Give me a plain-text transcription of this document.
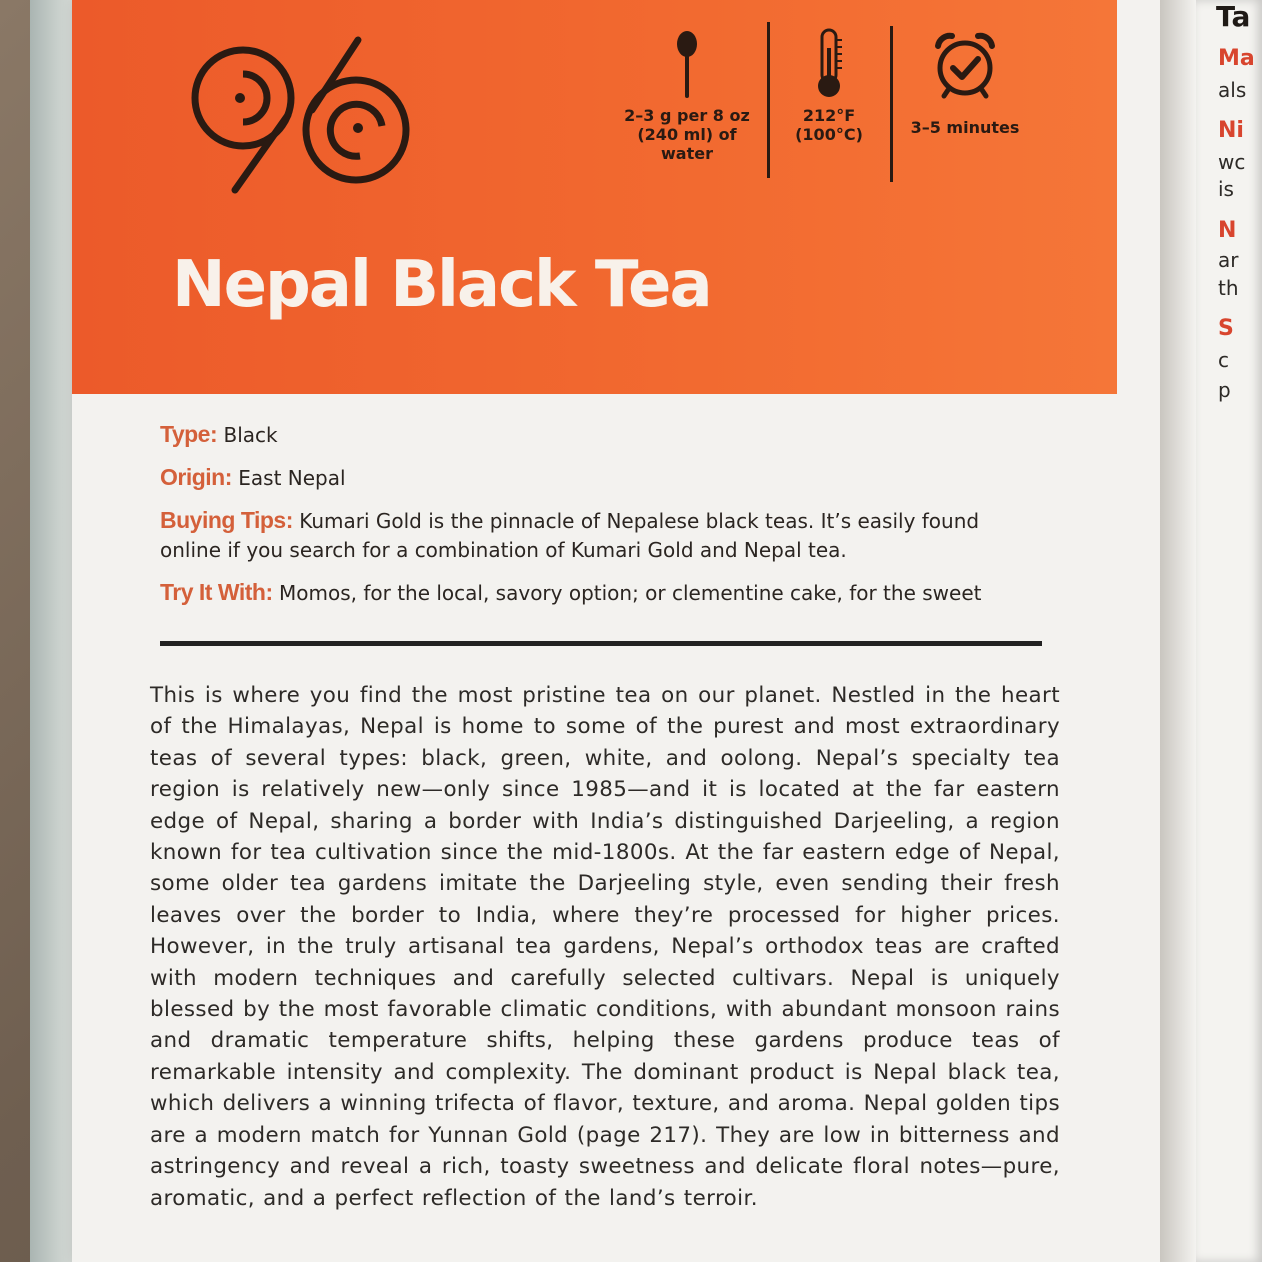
2–3 g per 8 oz (240 ml) of water
212°F (100°C)	3–5 minutes
Nepal Black Tea
Type: Black
Origin: East Nepal
Buying Tips: Kumari Gold is the pinnacle of Nepalese black teas. It’s easily found online if you search for a combination of Kumari Gold and Nepal tea.
Try It With: Momos, for the local, savory option; or clementine cake, for the sweet

This is where you find the most pristine tea on our planet. Nestled in the heart of the Himalayas, Nepal is home to some of the purest and most extraordinary teas of several types: black, green, white, and oolong. Nepal’s specialty tea region is relatively new—only since 1985—and it is located at the far eastern edge of Nepal, sharing a border with India’s distinguished Darjeeling, a region known for tea cultivation since the mid-1800s. At the far eastern edge of Nepal, some older tea gardens imitate the Darjeeling style, even sending their fresh leaves over the border to India, where they’re processed for higher prices. However, in the truly artisanal tea gardens, Nepal’s orthodox teas are crafted with modern techniques and carefully selected cultivars. Nepal is uniquely blessed by the most favorable climatic conditions, with abundant monsoon rains and dramatic temperature shifts, helping these gardens produce teas of remarkable intensity and complexity. The dominant product is Nepal black tea, which delivers a winning trifecta of flavor, texture, and aroma. Nepal golden tips are a modern match for Yunnan Gold (page 217). They are low in bitterness and astringency and reveal a rich, toasty sweetness and delicate floral notes—pure, aromatic, and a perfect reflection of the land’s terroir.

Ta
Ma
als
Ni
wc
is
N
ar
th
S
c
p
